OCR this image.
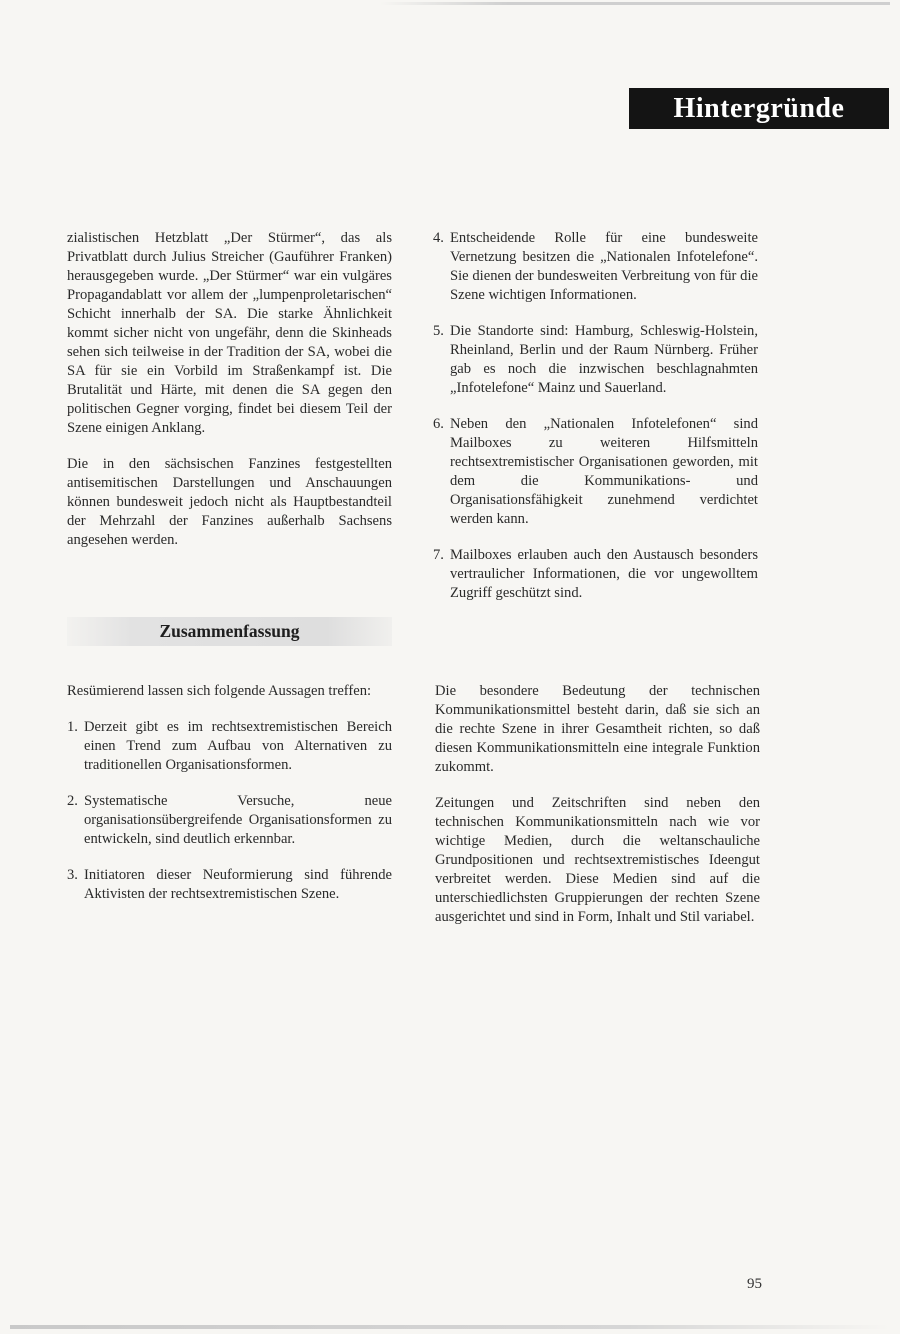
Hintergründe

zialistischen Hetzblatt „Der Stürmer“, das als Privatblatt durch Julius Streicher (Gauführer Franken) herausgegeben wurde. „Der Stürmer“ war ein vulgäres Propagandablatt vor allem der „lumpenproletarischen“ Schicht innerhalb der SA. Die starke Ähnlichkeit kommt sicher nicht von ungefähr, denn die Skinheads sehen sich teilweise in der Tradition der SA, wobei die SA für sie ein Vorbild im Straßenkampf ist. Die Brutalität und Härte, mit denen die SA gegen den politischen Gegner vorging, findet bei diesem Teil der Szene einigen Anklang.

Die in den sächsischen Fanzines festgestellten antisemitischen Darstellungen und Anschauungen können bundesweit jedoch nicht als Hauptbestandteil der Mehrzahl der Fanzines außerhalb Sachsens angesehen werden.

4. Entscheidende Rolle für eine bundesweite Vernetzung besitzen die „Nationalen Infotelefone“. Sie dienen der bundesweiten Verbreitung von für die Szene wichtigen Informationen.
5. Die Standorte sind: Hamburg, Schleswig-Holstein, Rheinland, Berlin und der Raum Nürnberg. Früher gab es noch die inzwischen beschlagnahmten „Infotelefone“ Mainz und Sauerland.
6. Neben den „Nationalen Infotelefonen“ sind Mailboxes zu weiteren Hilfsmitteln rechtsextremistischer Organisationen geworden, mit dem die Kommunikations- und Organisationsfähigkeit zunehmend verdichtet werden kann.
7. Mailboxes erlauben auch den Austausch besonders vertraulicher Informationen, die vor ungewolltem Zugriff geschützt sind.
Zusammenfassung

Resümierend lassen sich folgende Aussagen treffen:

1. Derzeit gibt es im rechtsextremistischen Bereich einen Trend zum Aufbau von Alternativen zu traditionellen Organisationsformen.
2. Systematische Versuche, neue organisationsübergreifende Organisationsformen zu entwickeln, sind deutlich erkennbar.
3. Initiatoren dieser Neuformierung sind führende Aktivisten der rechtsextremistischen Szene.

Die besondere Bedeutung der technischen Kommunikationsmittel besteht darin, daß sie sich an die rechte Szene in ihrer Gesamtheit richten, so daß diesen Kommunikationsmitteln eine integrale Funktion zukommt.

Zeitungen und Zeitschriften sind neben den technischen Kommunikationsmitteln nach wie vor wichtige Medien, durch die weltanschauliche Grundpositionen und rechtsextremistisches Ideengut verbreitet werden. Diese Medien sind auf die unterschiedlichsten Gruppierungen der rechten Szene ausgerichtet und sind in Form, Inhalt und Stil variabel.

95
